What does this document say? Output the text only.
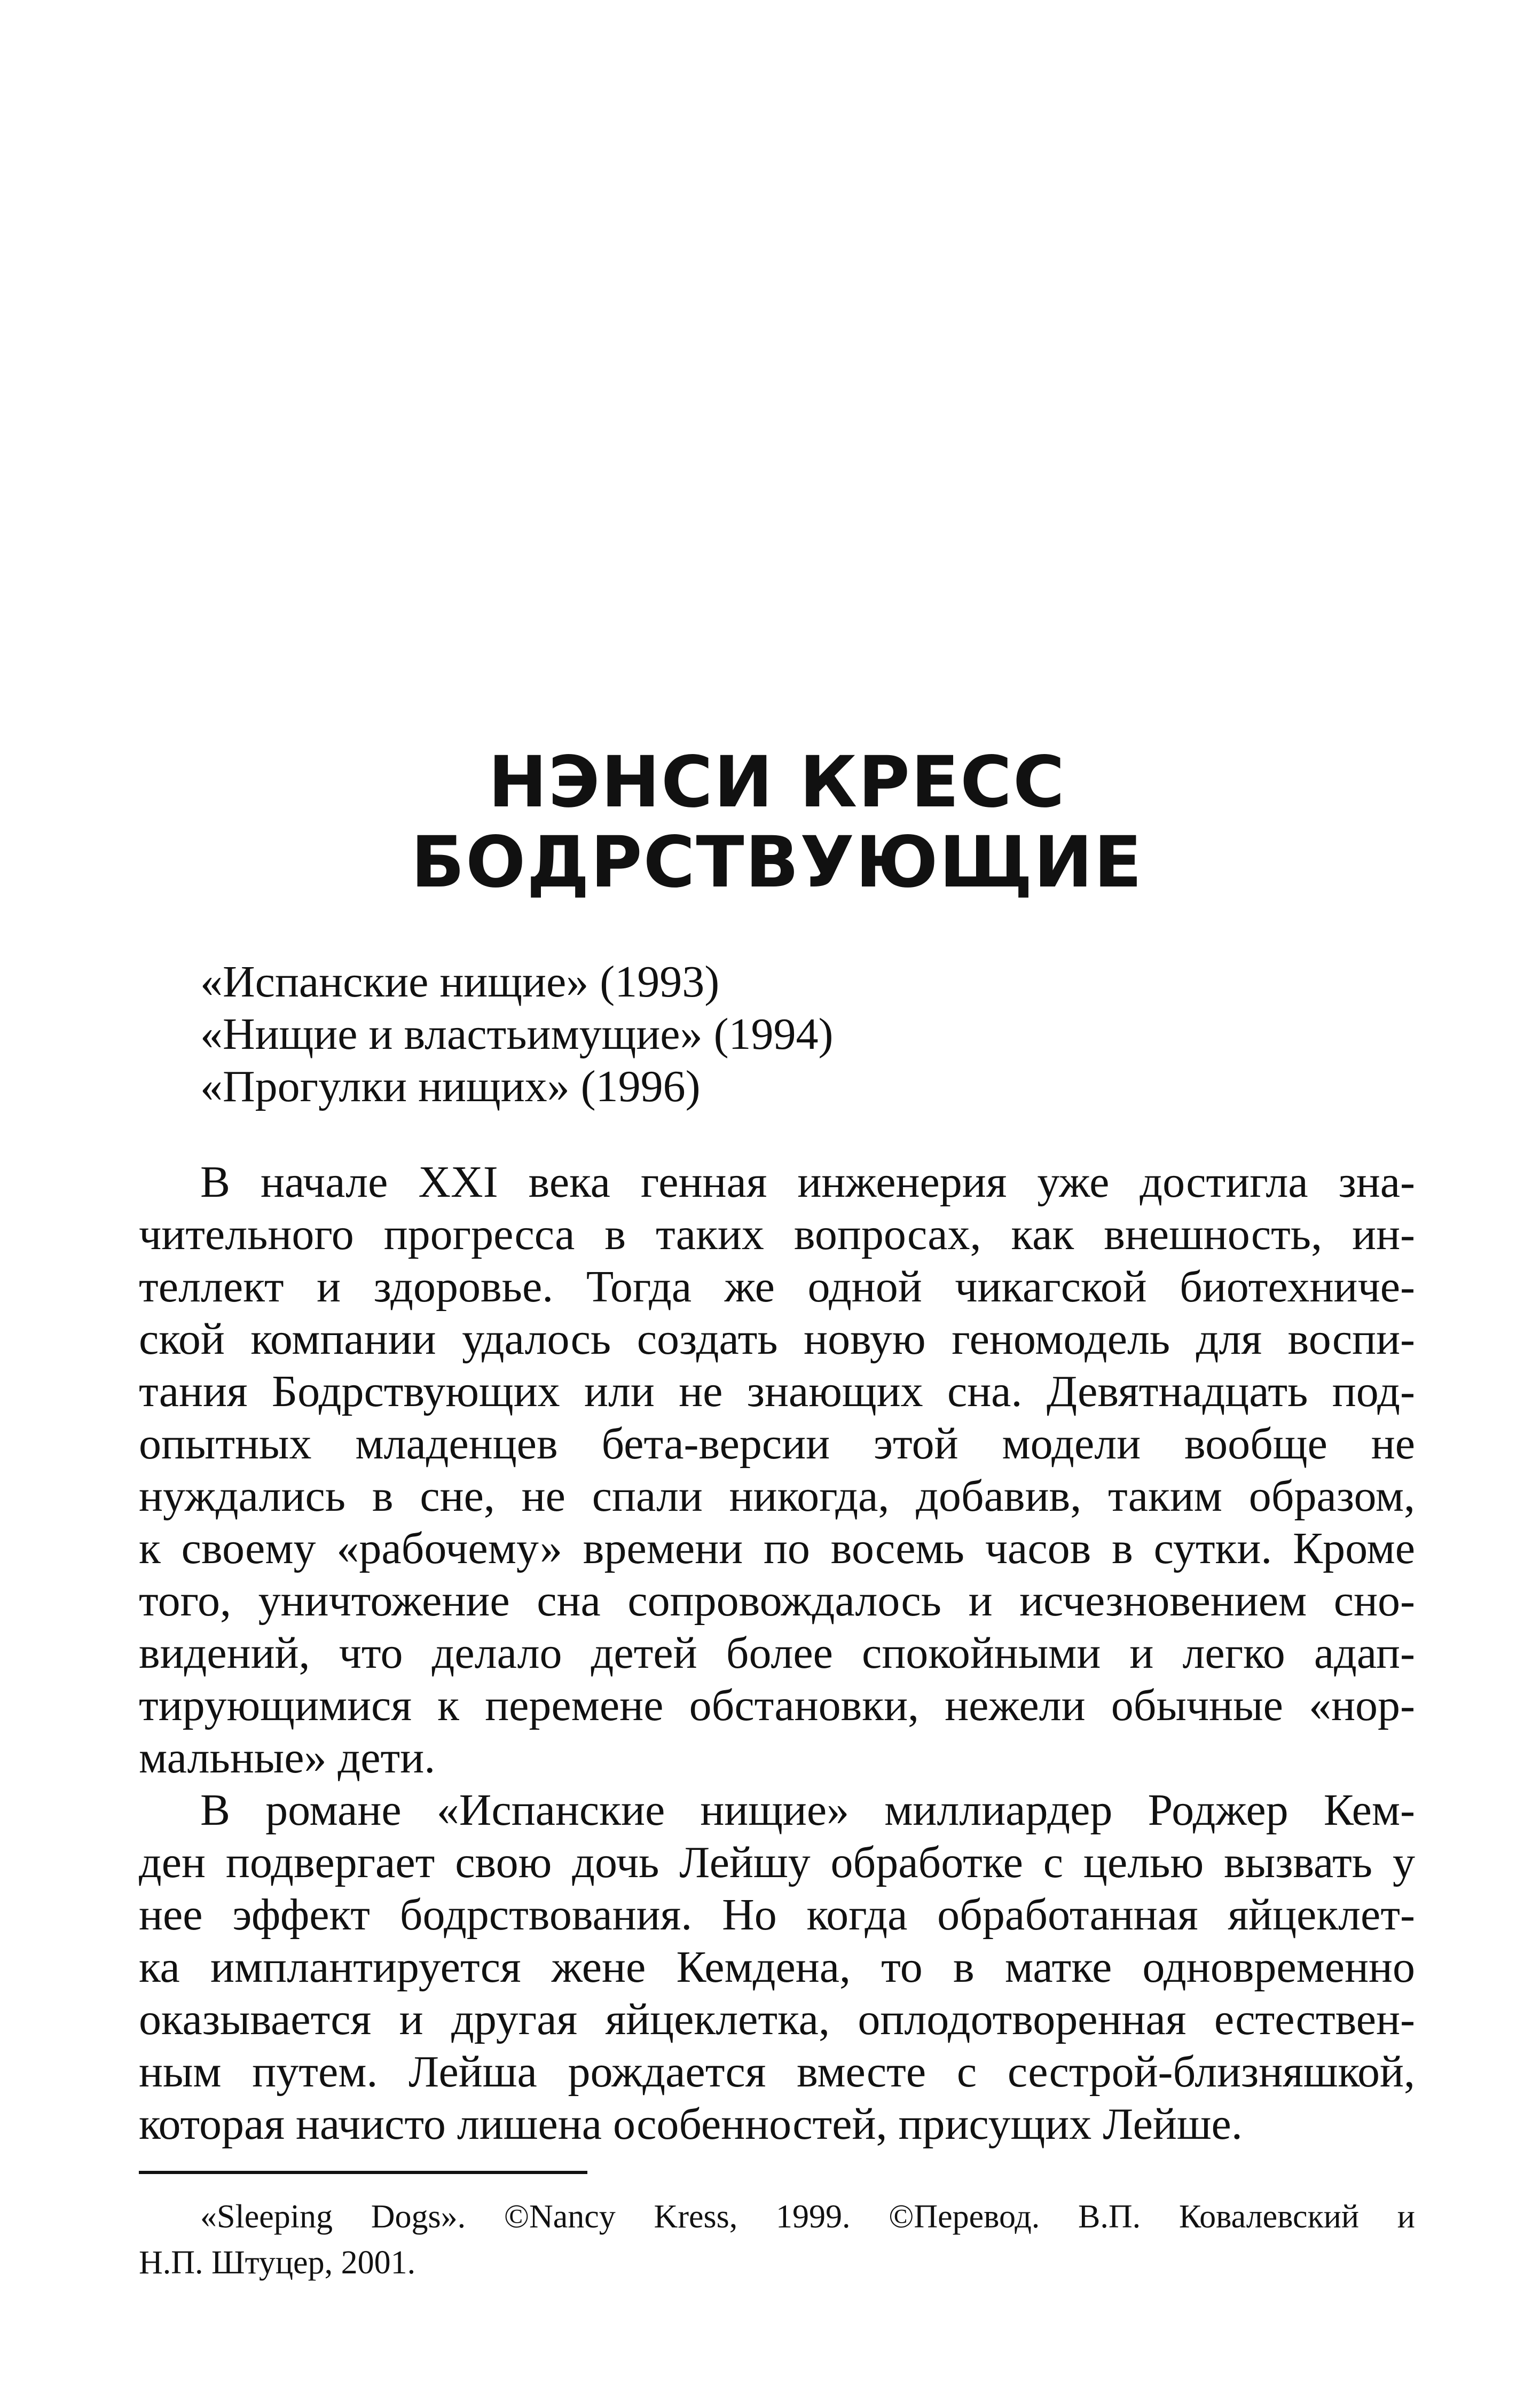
НЭНСИ КРЕСС
БОДРСТВУЮЩИЕ
«Испанские нищие» (1993)
«Нищие и властьимущие» (1994)
«Прогулки нищих» (1996)
В начале XXI века генная инженерия уже достигла зна-
чительного прогресса в таких вопросах, как внешность, ин-
теллект и здоровье. Тогда же одной чикагской биотехниче-
ской компании удалось создать новую геномодель для воспи-
тания Бодрствующих или не знающих сна. Девятнадцать под-
опытных младенцев бета-версии этой модели вообще не
нуждались в сне, не спали никогда, добавив, таким образом,
к своему «рабочему» времени по восемь часов в сутки. Кроме
того, уничтожение сна сопровождалось и исчезновением сно-
видений, что делало детей более спокойными и легко адап-
тирующимися к перемене обстановки, нежели обычные «нор-
мальные» дети.
В романе «Испанские нищие» миллиардер Роджер Кем-
ден подвергает свою дочь Лейшу обработке с целью вызвать у
нее эффект бодрствования. Но когда обработанная яйцеклет-
ка имплантируется жене Кемдена, то в матке одновременно
оказывается и другая яйцеклетка, оплодотворенная естествен-
ным путем. Лейша рождается вместе с сестрой-близняшкой,
которая начисто лишена особенностей, присущих Лейше.
«Sleeping Dogs». ©Nancy Kress, 1999. ©Перевод. В.П. Ковалевский и
Н.П. Штуцер, 2001.
